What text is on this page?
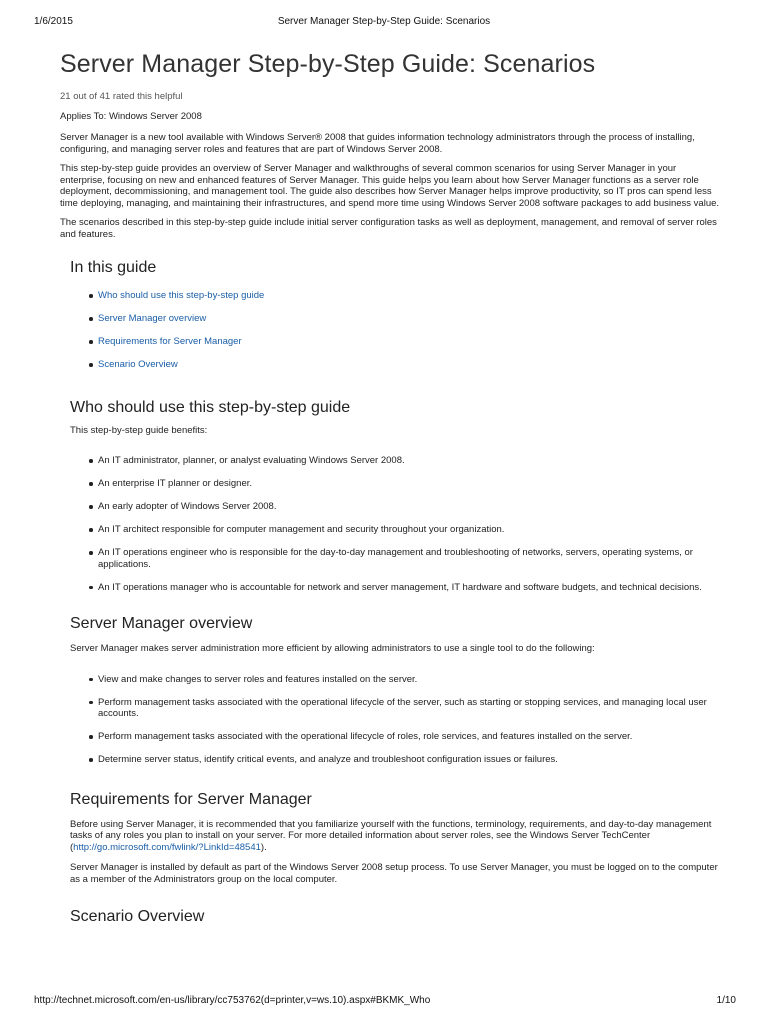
1/6/2015	Server Manager Step-by-Step Guide: Scenarios
Server Manager Step-by-Step Guide: Scenarios
21 out of 41 rated this helpful
Applies To: Windows Server 2008

Server Manager is a new tool available with Windows Server® 2008 that guides information technology administrators through the process of installing, configuring, and managing server roles and features that are part of Windows Server 2008.

This step-by-step guide provides an overview of Server Manager and walkthroughs of several common scenarios for using Server Manager in your enterprise, focusing on new and enhanced features of Server Manager. This guide helps you learn about how Server Manager functions as a server role deployment, decommissioning, and management tool. The guide also describes how Server Manager helps improve productivity, so IT pros can spend less time deploying, managing, and maintaining their infrastructures, and spend more time using Windows Server 2008 software packages to add business value.

The scenarios described in this step-by-step guide include initial server configuration tasks as well as deployment, management, and removal of server roles and features.

In this guide
Who should use this step-by-step guide
Server Manager overview
Requirements for Server Manager
Scenario Overview
Who should use this step-by-step guide

This step-by-step guide benefits:

An IT administrator, planner, or analyst evaluating Windows Server 2008.
An enterprise IT planner or designer.
An early adopter of Windows Server 2008.
An IT architect responsible for computer management and security throughout your organization.
An IT operations engineer who is responsible for the day-to-day management and troubleshooting of networks, servers, operating systems, or applications.
An IT operations manager who is accountable for network and server management, IT hardware and software budgets, and technical decisions.
Server Manager overview

Server Manager makes server administration more efficient by allowing administrators to use a single tool to do the following:

View and make changes to server roles and features installed on the server.
Perform management tasks associated with the operational lifecycle of the server, such as starting or stopping services, and managing local user accounts.
Perform management tasks associated with the operational lifecycle of roles, role services, and features installed on the server.
Determine server status, identify critical events, and analyze and troubleshoot configuration issues or failures.
Requirements for Server Manager

Before using Server Manager, it is recommended that you familiarize yourself with the functions, terminology, requirements, and day-to-day management tasks of any roles you plan to install on your server. For more detailed information about server roles, see the Windows Server TechCenter (http://go.microsoft.com/fwlink/?LinkId=48541).

Server Manager is installed by default as part of the Windows Server 2008 setup process. To use Server Manager, you must be logged on to the computer as a member of the Administrators group on the local computer.

Scenario Overview
http://technet.microsoft.com/en-us/library/cc753762(d=printer,v=ws.10).aspx#BKMK_Who	1/10
